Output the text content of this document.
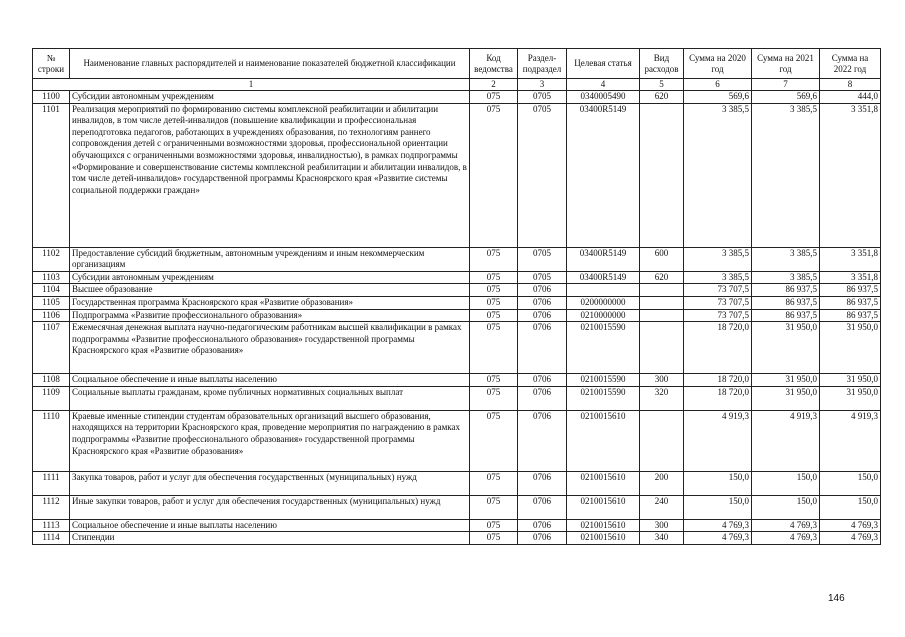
№ строки	Наименование главных распорядителей и наименование показателей бюджетной классификации	Код ведомства	Раздел-подраздел	Целевая статья	Вид расходов	Сумма на 2020 год	Сумма на 2021 год	Сумма на 2022 год
1		2	3	4	5	6	7	8
1100	Субсидии автономным учреждениям	075	0705	0340005490	620	569,6	569,6	444,0
1101	Реализация мероприятий по формированию системы комплексной реабилитации и абилитации инвалидов, в том числе детей-инвалидов (повышение квалификации и профессиональная переподготовка педагогов, работающих в учреждениях образования, по технологиям раннего сопровождения детей с ограниченными возможностями здоровья, профессиональной ориентации обучающихся с ограниченными возможностями здоровья, инвалидностью), в рамках подпрограммы «Формирование и совершенствование системы комплексной реабилитации и абилитации инвалидов, в том числе детей-инвалидов» государственной программы Красноярского края «Развитие системы социальной поддержки граждан»	075	0705	03400R5149		3 385,5	3 385,5	3 351,8
1102	Предоставление субсидий бюджетным, автономным учреждениям и иным некоммерческим организациям	075	0705	03400R5149	600	3 385,5	3 385,5	3 351,8
1103	Субсидии автономным учреждениям	075	0705	03400R5149	620	3 385,5	3 385,5	3 351,8
1104	Высшее образование	075	0706			73 707,5	86 937,5	86 937,5
1105	Государственная программа Красноярского края «Развитие образования»	075	0706	0200000000		73 707,5	86 937,5	86 937,5
1106	Подпрограмма «Развитие профессионального образования»	075	0706	0210000000		73 707,5	86 937,5	86 937,5
1107	Ежемесячная денежная выплата научно-педагогическим работникам высшей квалификации в рамках подпрограммы «Развитие профессионального образования» государственной программы Красноярского края «Развитие образования»	075	0706	0210015590		18 720,0	31 950,0	31 950,0
1108	Социальное обеспечение и иные выплаты населению	075	0706	0210015590	300	18 720,0	31 950,0	31 950,0
1109	Социальные выплаты гражданам, кроме публичных нормативных социальных выплат	075	0706	0210015590	320	18 720,0	31 950,0	31 950,0
1110	Краевые именные стипендии студентам образовательных организаций высшего образования, находящихся на территории Красноярского края, проведение мероприятия по награждению в рамках подпрограммы «Развитие профессионального образования» государственной программы Красноярского края «Развитие образования»	075	0706	0210015610		4 919,3	4 919,3	4 919,3
1111	Закупка товаров, работ и услуг для обеспечения государственных (муниципальных) нужд	075	0706	0210015610	200	150,0	150,0	150,0
1112	Иные закупки товаров, работ и услуг для обеспечения государственных (муниципальных) нужд	075	0706	0210015610	240	150,0	150,0	150,0
1113	Социальное обеспечение и иные выплаты населению	075	0706	0210015610	300	4 769,3	4 769,3	4 769,3
1114	Стипендии	075	0706	0210015610	340	4 769,3	4 769,3	4 769,3
146
